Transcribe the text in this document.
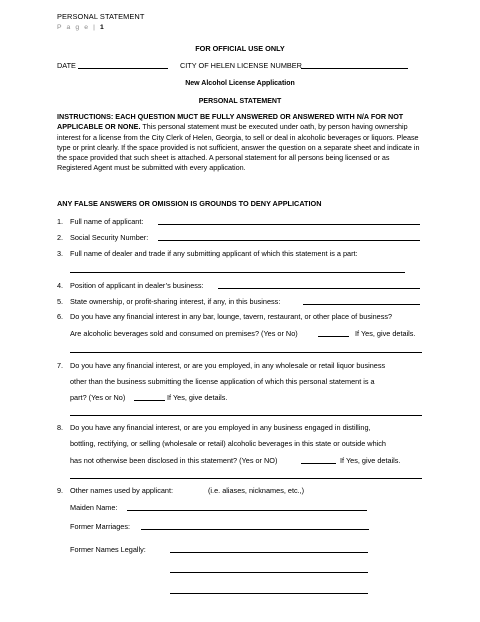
PERSONAL STATEMENT
P a g e | 1
FOR OFFICIAL USE ONLY
DATE	CITY OF HELEN LICENSE NUMBER
New Alcohol License Application
PERSONAL STATEMENT
INSTRUCTIONS: EACH QUESTION MUCT BE FULLY ANSWERED OR ANSWERED WITH N/A FOR NOT APPLICABLE OR NONE. This personal statement must be executed under oath, by person having ownership interest for a license from the City Clerk of Helen, Georgia, to sell or deal in alcoholic beverages or liquors. Please type or print clearly. If the space provided is not sufficient, answer the question on a separate sheet and indicate in the space provided that such sheet is attached. A personal statement for all persons being licensed or as Registered Agent must be submitted with every application.
ANY FALSE ANSWERS OR OMISSION IS GROUNDS TO DENY APPLICATION
1. Full name of applicant:
2. Social Security Number:
3. Full name of dealer and trade if any submitting applicant of which this statement is a part:
4. Position of applicant in dealer’s business:
5. State ownership, or profit-sharing interest, if any, in this business:
6. Do you have any financial interest in any bar, lounge, tavern, restaurant, or other place of business?
Are alcoholic beverages sold and consumed on premises? (Yes or No)	If Yes, give details.
7. Do you have any financial interest, or are you employed, in any wholesale or retail liquor business
other than the business submitting the license application of which this personal statement is a
part? (Yes or No)	If Yes, give details.
8. Do you have any financial interest, or are you employed in any business engaged in distilling,
bottling, rectifying, or selling (wholesale or retail) alcoholic beverages in this state or outside which
has not otherwise been disclosed in this statement? (Yes or NO)	If Yes, give details.
9. Other names used by applicant:	(i.e. aliases, nicknames, etc.,)
Maiden Name:
Former Marriages:
Former Names Legally:
